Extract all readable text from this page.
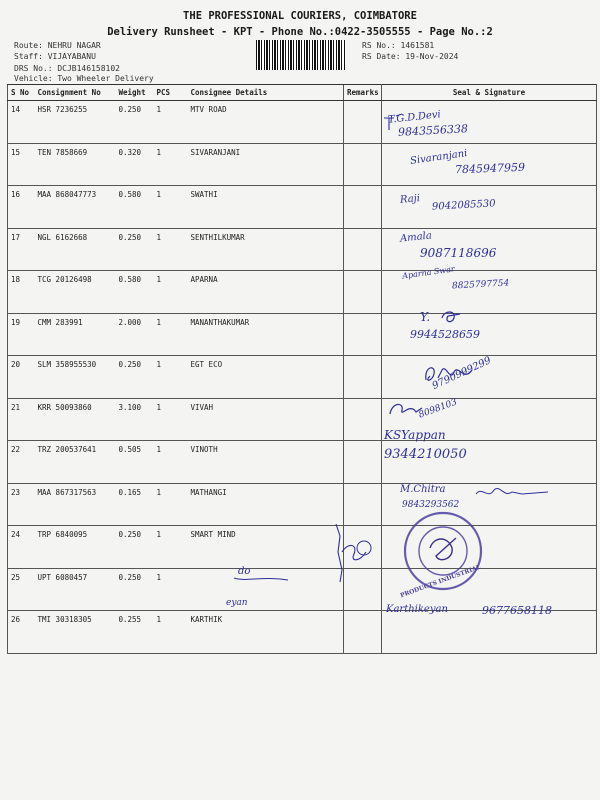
THE PROFESSIONAL COURIERS, COIMBATORE
Delivery Runsheet - KPT - Phone No.:0422-3505555 - Page No.:2
Route: NEHRU NAGAR
Staff: VIJAYABANU
DRS No.: DCJB146158102
Vehicle: Two Wheeler Delivery
RS No.: 1461581
RS Date: 19-Nov-2024
S No	Consignment No	Weight	PCS	Consignee Details	Remarks	Seal & Signature
14	HSR 7236255	0.250	1	MTV ROAD		
15	TEN 7858669	0.320	1	SIVARANJANI		
16	MAA 868047773	0.580	1	SWATHI		
17	NGL 6162668	0.250	1	SENTHILKUMAR		
18	TCG 20126498	0.580	1	APARNA		
19	CMM 283991	2.000	1	MANANTHAKUMAR		
20	SLM 358955530	0.250	1	EGT ECO		
21	KRR 50093860	3.100	1	VIVAH		
22	TRZ 200537641	0.505	1	VINOTH		
23	MAA 867317563	0.165	1	MATHANGI		
24	TRP 6840095	0.250	1	SMART MIND		
25	UPT 6080457	0.250	1			
26	TMI 30318305	0.255	1	KARTHIK		
T.G.D.Devi
9843556338
Sivaranjani
7845947959
Raji 9042085530
Amala
9087118696
Aparna Swar
8825797754
Y.
9944528659
9790999299
8098103
KSYappan
9344210050
M.Chitra
9843293562
do
eyan
Karthikeyan	9677658118
PRODUCTS INDUSTRIAL
